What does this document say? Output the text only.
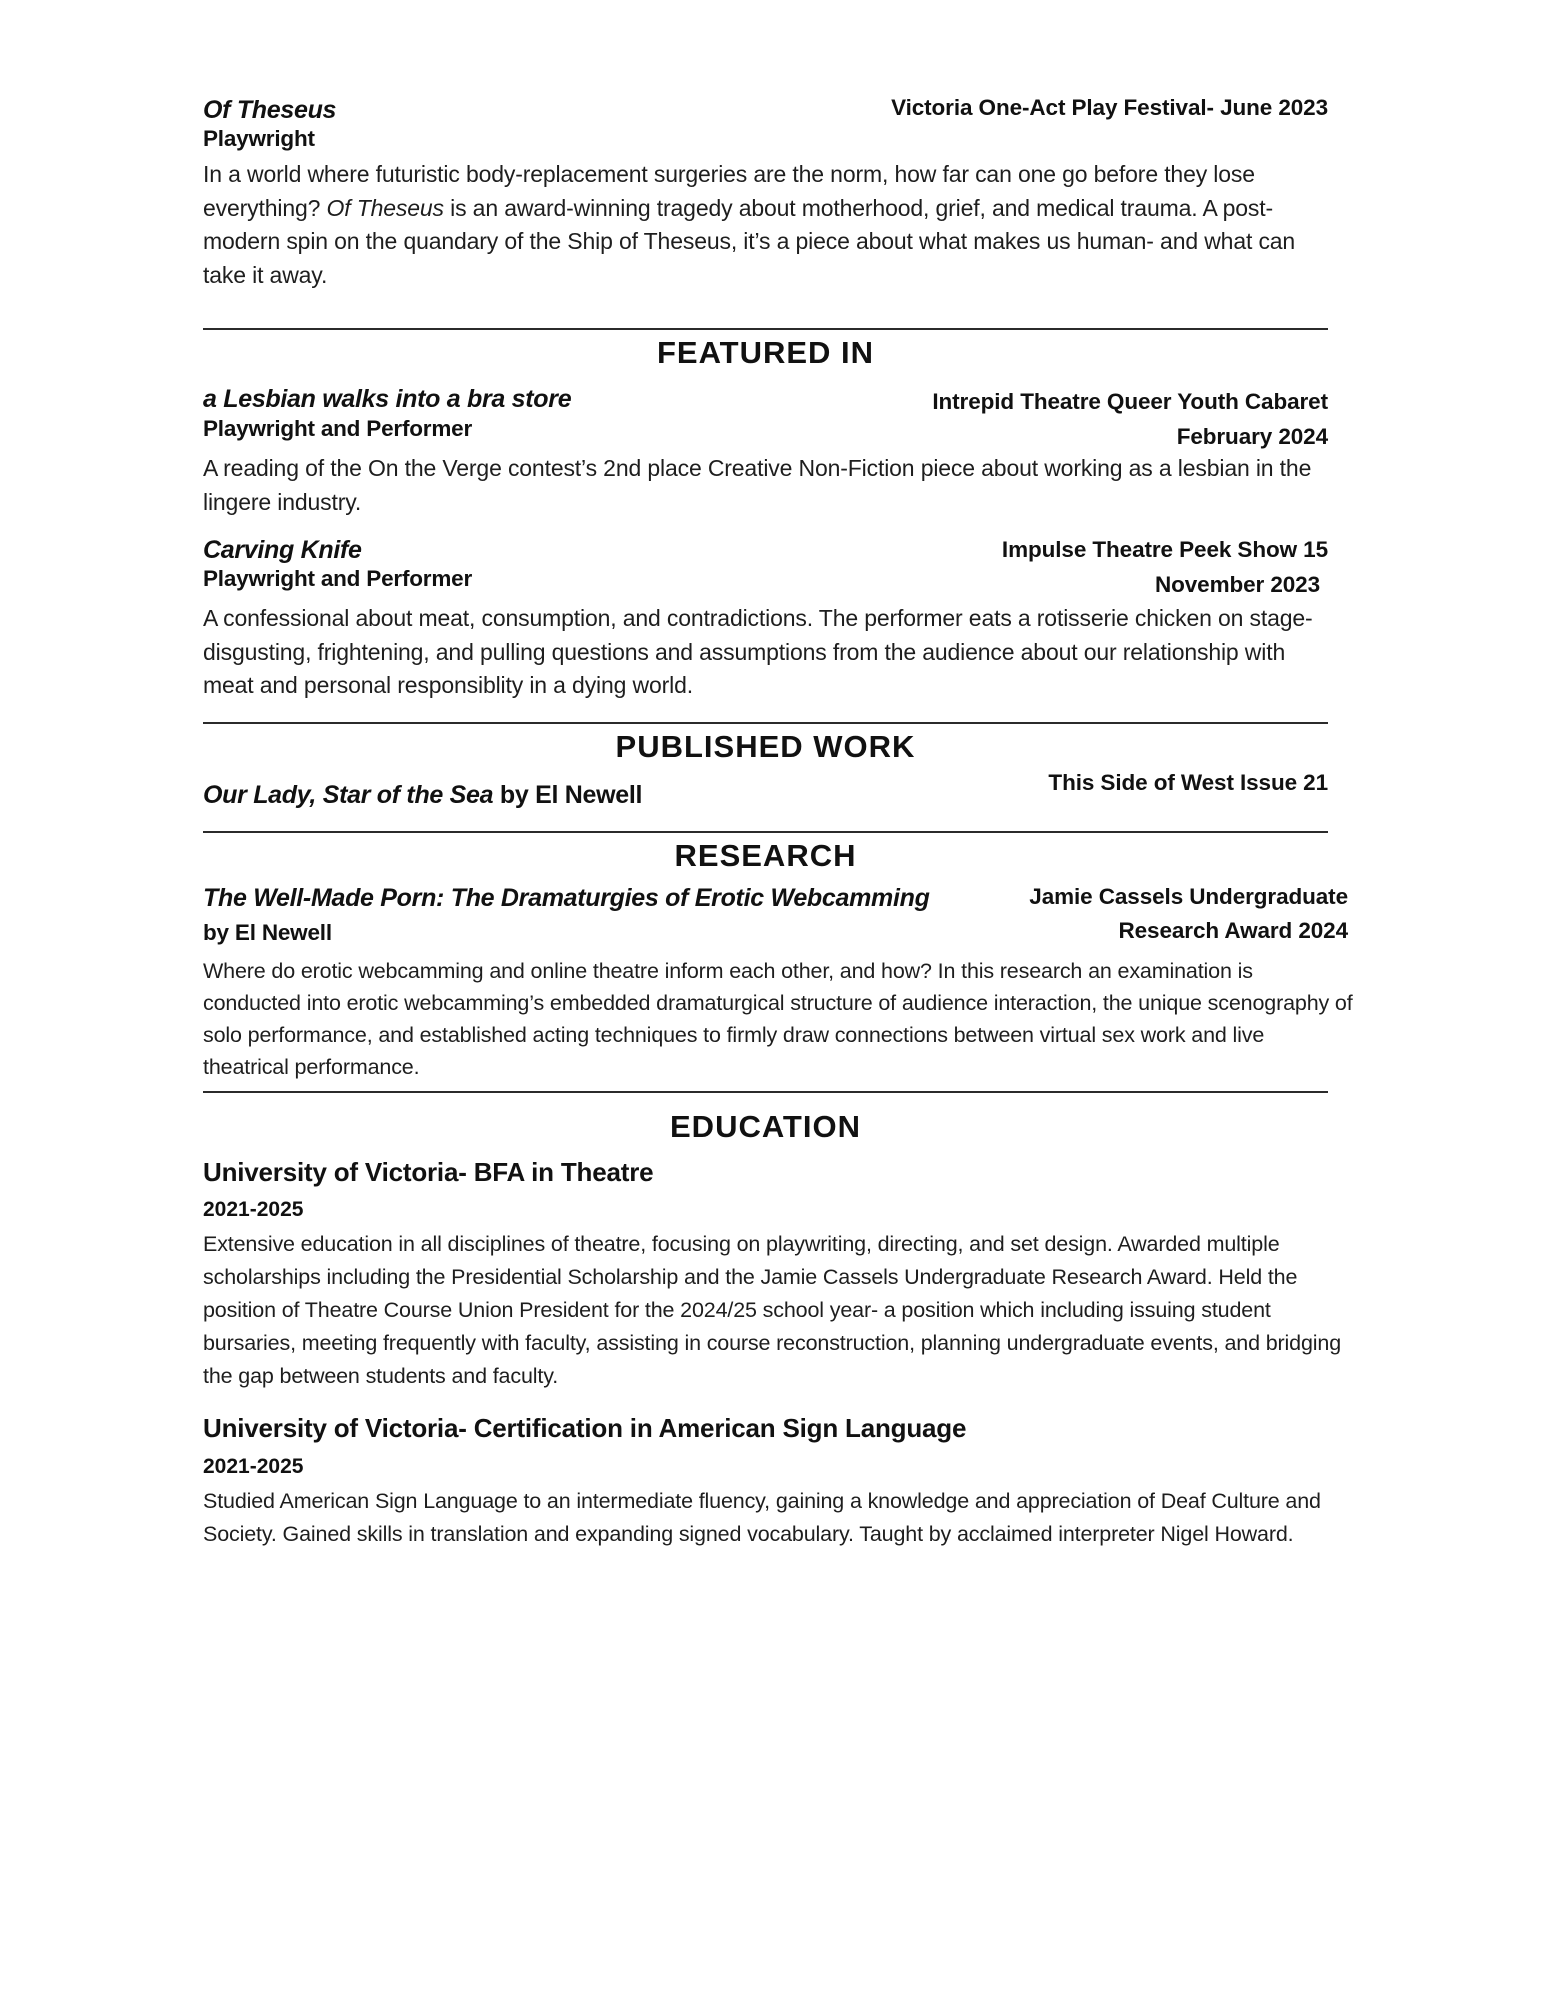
Of Theseus	Victoria One-Act Play Festival- June 2023
Playwright
In a world where futuristic body-replacement surgeries are the norm, how far can one go before they lose everything? Of Theseus is an award-winning tragedy about motherhood, grief, and medical trauma. A post-modern spin on the quandary of the Ship of Theseus, it’s a piece about what makes us human- and what can take it away.
FEATURED IN
a Lesbian walks into a bra store	Intrepid Theatre Queer Youth Cabaret
Playwright and Performer	February 2024
A reading of the On the Verge contest’s 2nd place Creative Non-Fiction piece about working as a lesbian in the lingere industry.
Carving Knife	Impulse Theatre Peek Show 15
Playwright and Performer	November 2023
A confessional about meat, consumption, and contradictions. The performer eats a rotisserie chicken on stage- disgusting, frightening, and pulling questions and assumptions from the audience about our relationship with meat and personal responsiblity in a dying world.
PUBLISHED WORK
Our Lady, Star of the Sea by El Newell	This Side of West Issue 21
RESEARCH
The Well-Made Porn: The Dramaturgies of Erotic Webcamming
by El Newell
Jamie Cassels Undergraduate
Research Award 2024
Where do erotic webcamming and online theatre inform each other, and how? In this research an examination is conducted into erotic webcamming’s embedded dramaturgical structure of audience interaction, the unique scenography of solo performance, and established acting techniques to firmly draw connections between virtual sex work and live theatrical performance.
EDUCATION
University of Victoria- BFA in Theatre
2021-2025
Extensive education in all disciplines of theatre, focusing on playwriting, directing, and set design. Awarded multiple scholarships including the Presidential Scholarship and the Jamie Cassels Undergraduate Research Award. Held the position of Theatre Course Union President for the 2024/25 school year- a position which including issuing student bursaries, meeting frequently with faculty, assisting in course reconstruction, planning undergraduate events, and bridging the gap between students and faculty.
University of Victoria- Certification in American Sign Language
2021-2025
Studied American Sign Language to an intermediate fluency, gaining a knowledge and appreciation of Deaf Culture and Society. Gained skills in translation and expanding signed vocabulary. Taught by acclaimed interpreter Nigel Howard.
